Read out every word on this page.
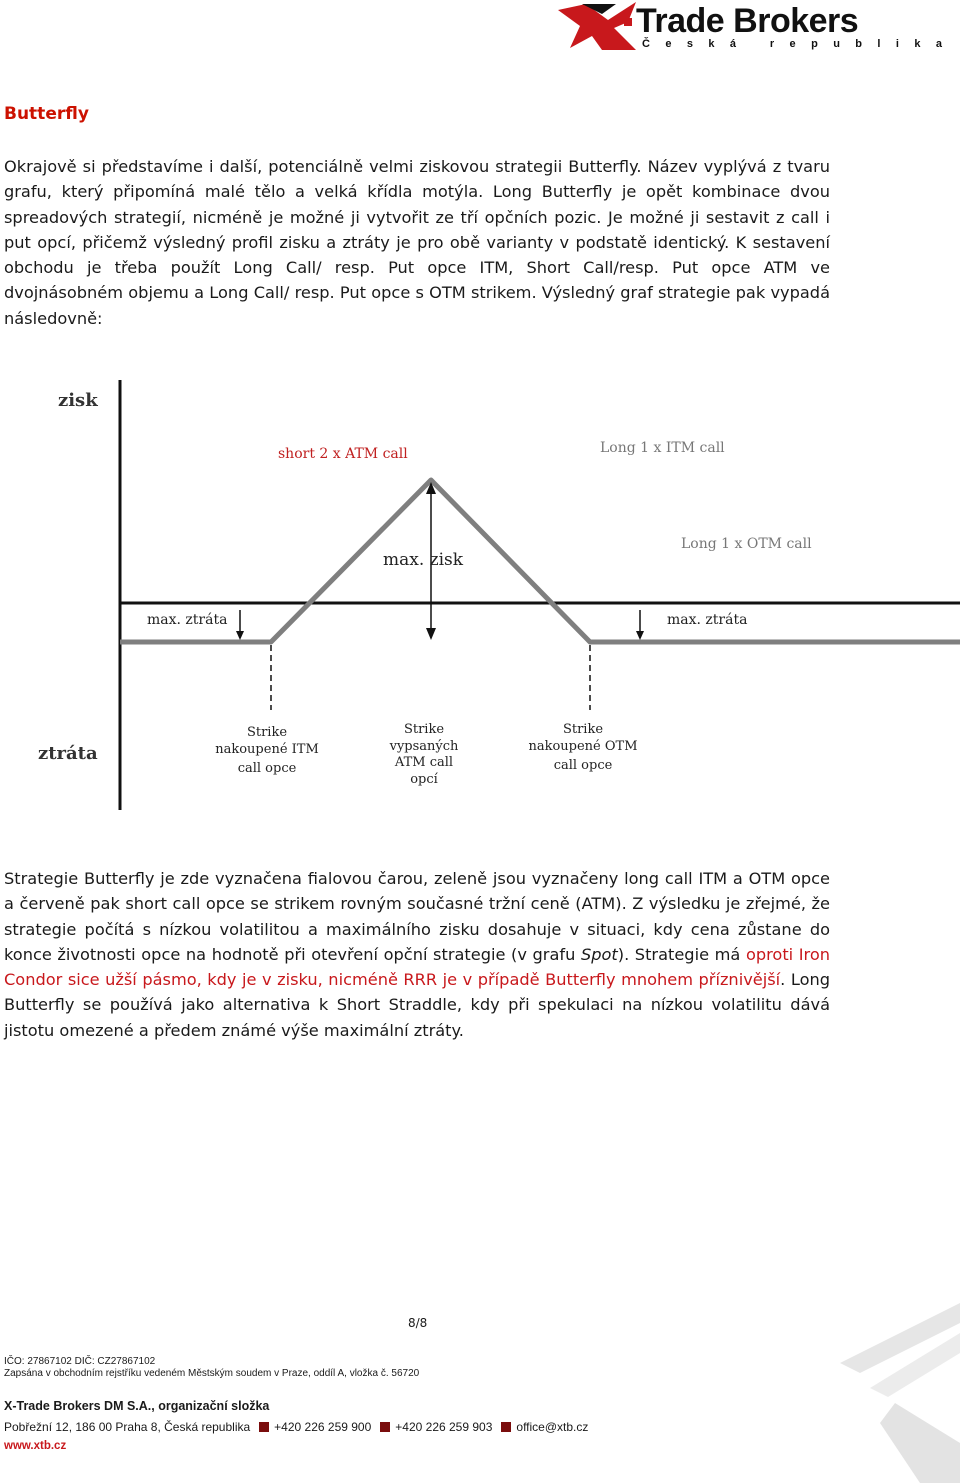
Trade Brokers
Česká republika
Butterfly

Okrajově si představíme i další, potenciálně velmi ziskovou strategii Butterfly. Název vyplývá z tvaru grafu, který připomíná malé tělo a velká křídla motýla. Long Butterfly je opět kombinace dvou spreadových strategií, nicméně je možné ji vytvořit ze tří opčních pozic. Je možné ji sestavit z call i put opcí, přičemž výsledný profil zisku a ztráty je pro obě varianty v podstatě identický. K sestavení obchodu je třeba použít Long Call/ resp. Put opce ITM, Short Call/resp. Put opce ATM ve dvojnásobném objemu a Long Call/ resp. Put opce s OTM strikem. Výsledný graf strategie pak vypadá následovně:

zisk
ztráta
short 2 x ATM call	Long 1 x ITM call
Long 1 x OTM call
max. zisk
max. ztráta	max. ztráta
Strike
nakoupené ITM
call opce
Strike
vypsaných
ATM call
opcí
Strike
nakoupené OTM
call opce

Strategie Butterfly je zde vyznačena fialovou čarou, zeleně jsou vyznačeny long call ITM a OTM opce a červeně pak short call opce se strikem rovným současné tržní ceně (ATM). Z výsledku je zřejmé, že strategie počítá s nízkou volatilitou a maximálního zisku dosahuje v situaci, kdy cena zůstane do konce životnosti opce na hodnotě při otevření opční strategie (v grafu Spot). Strategie má oproti Iron Condor sice užší pásmo, kdy je v zisku, nicméně RRR je v případě Butterfly mnohem příznivější. Long Butterfly se používá jako alternativa k Short Straddle, kdy při spekulaci na nízkou volatilitu dává jistotu omezené a předem známé výše maximální ztráty.

8/8
IČO: 27867102 DIČ: CZ27867102
Zapsána v obchodním rejstříku vedeném Městským soudem v Praze, oddíl A, vložka č. 56720
X-Trade Brokers DM S.A., organizační složka
Pobřežní 12, 186 00 Praha 8, Česká republika +420 226 259 900 +420 226 259 903 office@xtb.cz
www.xtb.cz
